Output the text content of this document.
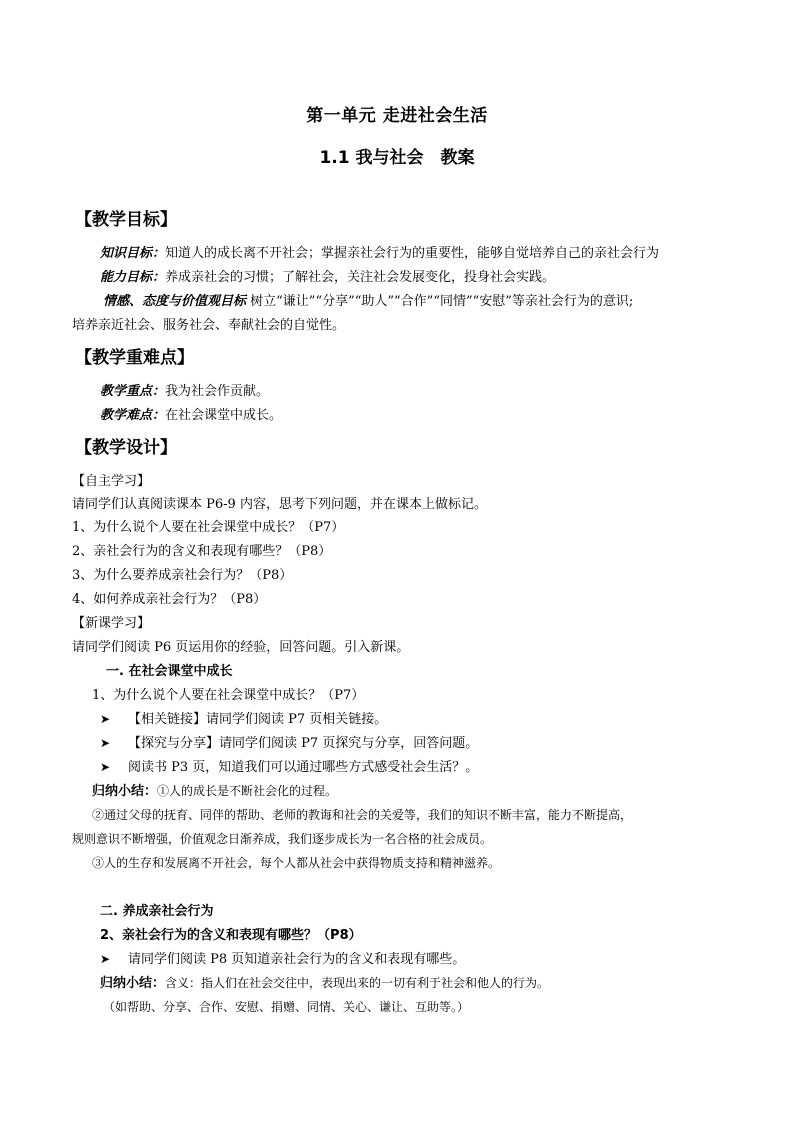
第一单元 走进社会生活
1.1 我与社会　教案
【教学目标】
知识目标：知道人的成长离不开社会；掌握亲社会行为的重要性，能够自觉培养自己的亲社会行为
能力目标：养成亲社会的习惯；了解社会，关注社会发展变化，投身社会实践。
情感、态度与价值观目标 树立“谦让”“分享”“助人”“合作”“同情”“安慰”等亲社会行为的意识;
培养亲近社会、服务社会、奉献社会的自觉性。
【教学重难点】
教学重点：我为社会作贡献。
教学难点：在社会课堂中成长。
【教学设计】
【自主学习】
请同学们认真阅读课本 P6-9 内容，思考下列问题，并在课本上做标记。
1、为什么说个人要在社会课堂中成长？（P7）
2、亲社会行为的含义和表现有哪些？（P8）
3、为什么要养成亲社会行为？（P8）
4、如何养成亲社会行为？（P8）
【新课学习】
请同学们阅读 P6 页运用你的经验，回答问题。引入新课。
一. 在社会课堂中成长
1、为什么说个人要在社会课堂中成长？（P7）
➤ 【相关链接】请同学们阅读 P7 页相关链接。
➤ 【探究与分享】请同学们阅读 P7 页探究与分享，回答问题。
➤ 阅读书 P3 页，知道我们可以通过哪些方式感受社会生活？。
归纳小结：①人的成长是不断社会化的过程。
②通过父母的抚育、同伴的帮助、老师的教诲和社会的关爱等，我们的知识不断丰富，能力不断提高，
规则意识不断增强，价值观念日渐养成，我们逐步成长为一名合格的社会成员。
③人的生存和发展离不开社会，每个人都从社会中获得物质支持和精神滋养。
二. 养成亲社会行为
2、亲社会行为的含义和表现有哪些？（P8）
➤ 请同学们阅读 P8 页知道亲社会行为的含义和表现有哪些。
归纳小结：含义：指人们在社会交往中，表现出来的一切有利于社会和他人的行为。
（如帮助、分享、合作、安慰、捐赠、同情、关心、谦让、互助等。）
